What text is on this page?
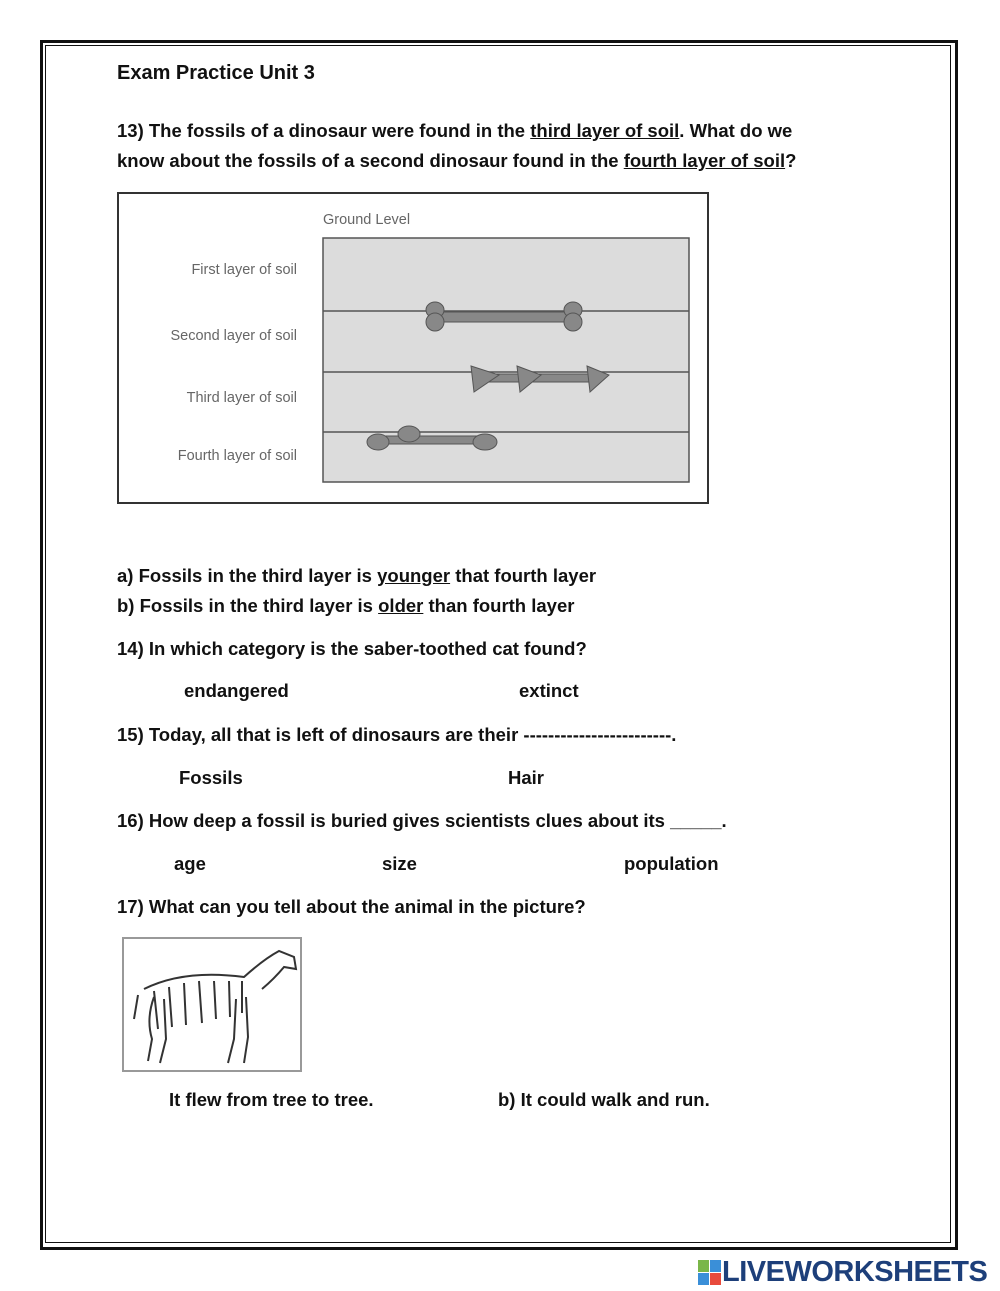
Exam Practice Unit 3
13) The fossils of a dinosaur were found in the third layer of soil. What do we
know about the fossils of a second dinosaur found in the fourth layer of soil?
Ground Level
First layer of soil
Second layer of soil
Third layer of soil
Fourth layer of soil
a) Fossils in the third layer is younger that fourth layer
b) Fossils in the third layer is older than fourth layer
14) In which category is the saber-toothed cat found?
endangered	extinct
15) Today, all that is left of dinosaurs are their ------------------------.
Fossils	Hair
16) How deep a fossil is buried gives scientists clues about its _____.
age	size	population
17) What can you tell about the animal in the picture?
It flew from tree to tree.	b) It could walk and run.
LIVEWORKSHEETS
